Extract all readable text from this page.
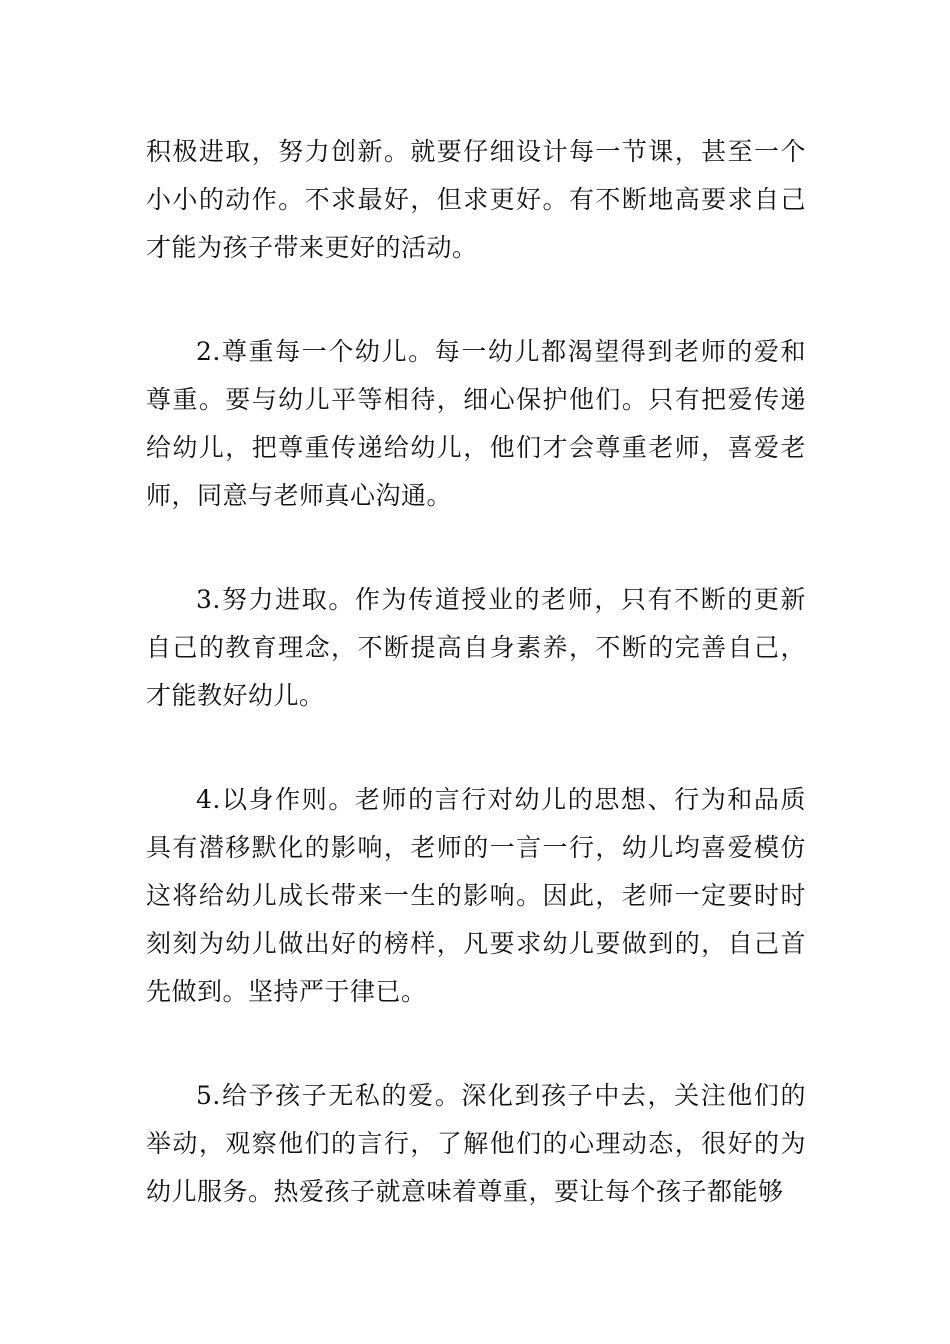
积极进取，努力创新。就要仔细设计每一节课，甚至一个小小的动作。不求最好，但求更好。有不断地高要求自己才能为孩子带来更好的活动。

2.尊重每一个幼儿。每一幼儿都渴望得到老师的爱和尊重。要与幼儿平等相待，细心保护他们。只有把爱传递给幼儿，把尊重传递给幼儿，他们才会尊重老师，喜爱老师，同意与老师真心沟通。

3.努力进取。作为传道授业的老师，只有不断的更新自己的教育理念，不断提高自身素养，不断的完善自己，才能教好幼儿。

4.以身作则。老师的言行对幼儿的思想、行为和品质具有潜移默化的影响，老师的一言一行，幼儿均喜爱模仿这将给幼儿成长带来一生的影响。因此，老师一定要时时刻刻为幼儿做出好的榜样，凡要求幼儿要做到的，自己首先做到。坚持严于律已。

5.给予孩子无私的爱。深化到孩子中去，关注他们的举动，观察他们的言行，了解他们的心理动态，很好的为幼儿服务。热爱孩子就意味着尊重，要让每个孩子都能够
